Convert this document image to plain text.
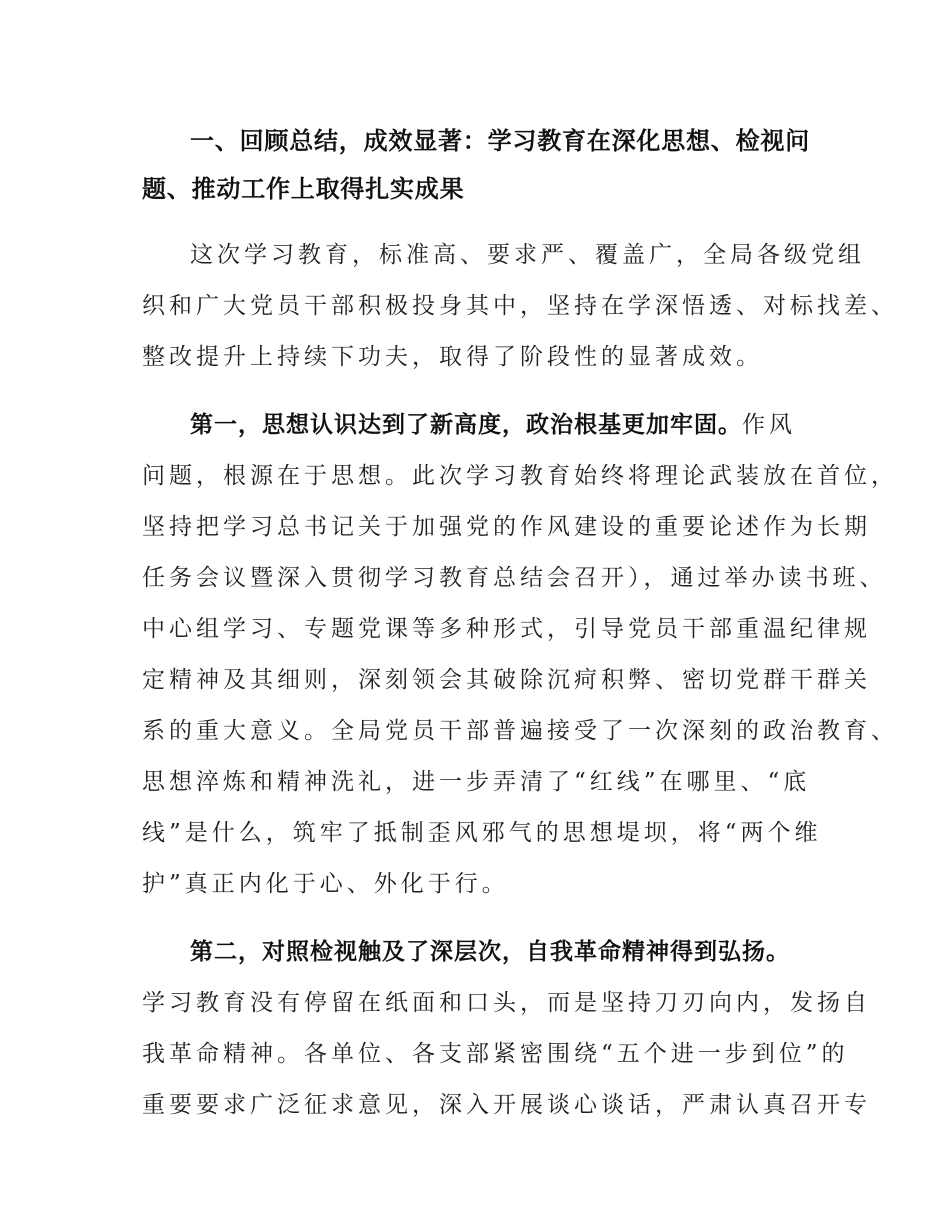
一、回顾总结，成效显著：学习教育在深化思想、检视问
题、推动工作上取得扎实成果

这次学习教育，标准高、要求严、覆盖广，全局各级党组
织和广大党员干部积极投身其中，坚持在学深悟透、对标找差、
整改提升上持续下功夫，取得了阶段性的显著成效。

第一，思想认识达到了新高度，政治根基更加牢固。作风
问题，根源在于思想。此次学习教育始终将理论武装放在首位，
坚持把学习总书记关于加强党的作风建设的重要论述作为长期
任务会议暨深入贯彻学习教育总结会召开），通过举办读书班、
中心组学习、专题党课等多种形式，引导党员干部重温纪律规
定精神及其细则，深刻领会其破除沉疴积弊、密切党群干群关
系的重大意义。全局党员干部普遍接受了一次深刻的政治教育、
思想淬炼和精神洗礼，进一步弄清了“红线”在哪里、“底
线”是什么，筑牢了抵制歪风邪气的思想堤坝，将“两个维
护”真正内化于心、外化于行。

第二，对照检视触及了深层次，自我革命精神得到弘扬。
学习教育没有停留在纸面和口头，而是坚持刀刃向内，发扬自
我革命精神。各单位、各支部紧密围绕“五个进一步到位”的
重要要求广泛征求意见，深入开展谈心谈话，严肃认真召开专
